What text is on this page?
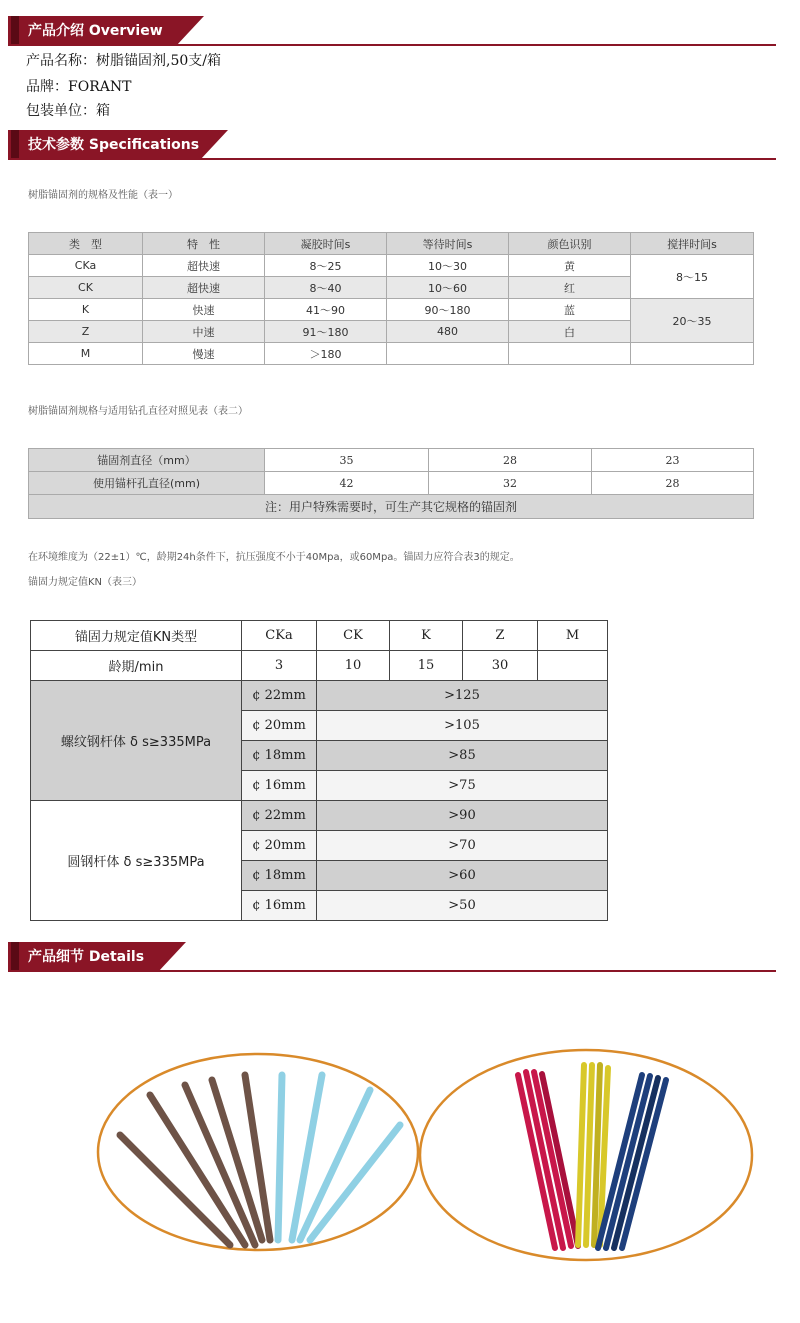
产品介绍 Overview
产品名称：树脂锚固剂,50支/箱
品牌：FORANT
包装单位：箱
技术参数 Specifications
树脂锚固剂的规格及性能（表一）
类　型	特　性	凝胶时间s	等待时间s	颜色识别	搅拌时间s
CKa	超快速	8～25	10～30	黄	8～15
CK	超快速	8～40	10～60	红	
K	快速	41～90	90～180	蓝	20～35
Z	中速	91～180	480	白	
M	慢速	＞180			
树脂锚固剂规格与适用钻孔直径对照见表（表二）
锚固剂直径（mm）	35	28	23
使用锚杆孔直径(mm)	42	32	28
注：用户特殊需要时，可生产其它规格的锚固剂			
在环境维度为（22±1）℃，龄期24h条件下，抗压强度不小于40Mpa，或60Mpa。锚固力应符合表3的规定。
锚固力规定值KN（表三）
锚固力规定值KN类型	CKa	CK	K	Z	M
龄期/min	3	10	15	30	
螺纹钢杆体 δ s≥335MPa	¢ 22mm	>125			
	¢ 20mm	>105			
	¢ 18mm	>85			
	¢ 16mm	>75			
圆钢杆体 δ s≥335MPa	¢ 22mm	>90			
	¢ 20mm	>70			
	¢ 18mm	>60			
	¢ 16mm	>50			
产品细节 Details
